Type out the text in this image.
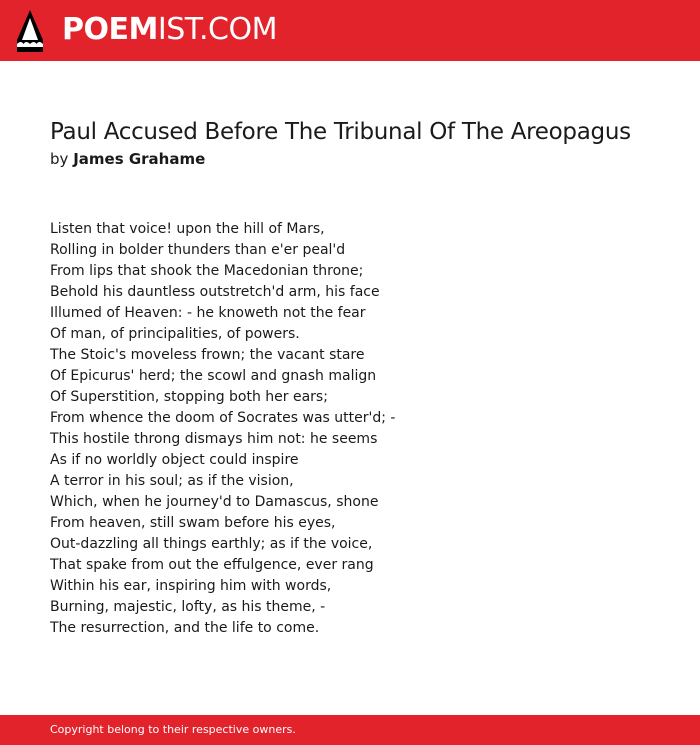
POEMIST.COM
Paul Accused Before The Tribunal Of The Areopagus
by James Grahame
Listen that voice! upon the hill of Mars,
Rolling in bolder thunders than e'er peal'd
From lips that shook the Macedonian throne;
Behold his dauntless outstretch'd arm, his face
Illumed of Heaven: - he knoweth not the fear
Of man, of principalities, of powers.
The Stoic's moveless frown; the vacant stare
Of Epicurus' herd; the scowl and gnash malign
Of Superstition, stopping both her ears;
From whence the doom of Socrates was utter'd; -
This hostile throng dismays him not: he seems
As if no worldly object could inspire
A terror in his soul; as if the vision,
Which, when he journey'd to Damascus, shone
From heaven, still swam before his eyes,
Out-dazzling all things earthly; as if the voice,
That spake from out the effulgence, ever rang
Within his ear, inspiring him with words,
Burning, majestic, lofty, as his theme, -
The resurrection, and the life to come.
Copyright belong to their respective owners.
